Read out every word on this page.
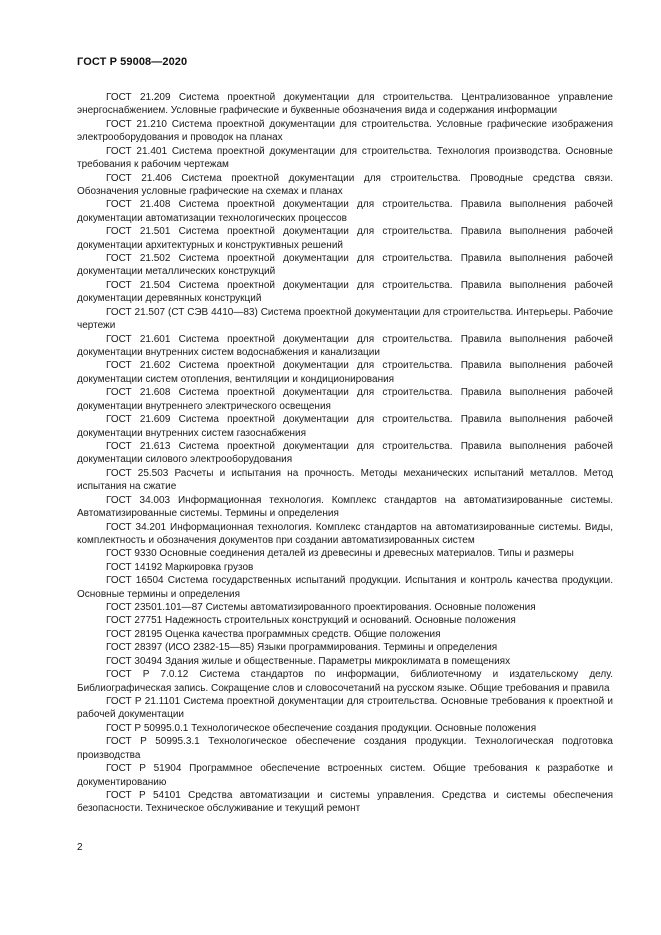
ГОСТ Р 59008—2020

ГОСТ 21.209 Система проектной документации для строительства. Централизованное управление энергоснабжением. Условные графические и буквенные обозначения вида и содержания информации

ГОСТ 21.210 Система проектной документации для строительства. Условные графические изображения электрооборудования и проводок на планах

ГОСТ 21.401 Система проектной документации для строительства. Технология производства. Основные требования к рабочим чертежам

ГОСТ 21.406 Система проектной документации для строительства. Проводные средства связи. Обозначения условные графические на схемах и планах

ГОСТ 21.408 Система проектной документации для строительства. Правила выполнения рабочей документации автоматизации технологических процессов

ГОСТ 21.501 Система проектной документации для строительства. Правила выполнения рабочей документации архитектурных и конструктивных решений

ГОСТ 21.502 Система проектной документации для строительства. Правила выполнения рабочей документации металлических конструкций

ГОСТ 21.504 Система проектной документации для строительства. Правила выполнения рабочей документации деревянных конструкций

ГОСТ 21.507 (СТ СЭВ 4410—83) Система проектной документации для строительства. Интерьеры. Рабочие чертежи

ГОСТ 21.601 Система проектной документации для строительства. Правила выполнения рабочей документации внутренних систем водоснабжения и канализации

ГОСТ 21.602 Система проектной документации для строительства. Правила выполнения рабочей документации систем отопления, вентиляции и кондиционирования

ГОСТ 21.608 Система проектной документации для строительства. Правила выполнения рабочей документации внутреннего электрического освещения

ГОСТ 21.609 Система проектной документации для строительства. Правила выполнения рабочей документации внутренних систем газоснабжения

ГОСТ 21.613 Система проектной документации для строительства. Правила выполнения рабочей документации силового электрооборудования

ГОСТ 25.503 Расчеты и испытания на прочность. Методы механических испытаний металлов. Метод испытания на сжатие

ГОСТ 34.003 Информационная технология. Комплекс стандартов на автоматизированные системы. Автоматизированные системы. Термины и определения

ГОСТ 34.201 Информационная технология. Комплекс стандартов на автоматизированные системы. Виды, комплектность и обозначения документов при создании автоматизированных систем

ГОСТ 9330 Основные соединения деталей из древесины и древесных материалов. Типы и размеры

ГОСТ 14192 Маркировка грузов

ГОСТ 16504 Система государственных испытаний продукции. Испытания и контроль качества продукции. Основные термины и определения

ГОСТ 23501.101—87 Системы автоматизированного проектирования. Основные положения

ГОСТ 27751 Надежность строительных конструкций и оснований. Основные положения

ГОСТ 28195 Оценка качества программных средств. Общие положения

ГОСТ 28397 (ИСО 2382-15—85) Языки программирования. Термины и определения

ГОСТ 30494 Здания жилые и общественные. Параметры микроклимата в помещениях

ГОСТ Р 7.0.12 Система стандартов по информации, библиотечному и издательскому делу. Библиографическая запись. Сокращение слов и словосочетаний на русском языке. Общие требования и правила

ГОСТ Р 21.1101 Система проектной документации для строительства. Основные требования к проектной и рабочей документации

ГОСТ Р 50995.0.1 Технологическое обеспечение создания продукции. Основные положения

ГОСТ Р 50995.3.1 Технологическое обеспечение создания продукции. Технологическая подготовка производства

ГОСТ Р 51904 Программное обеспечение встроенных систем. Общие требования к разработке и документированию

ГОСТ Р 54101 Средства автоматизации и системы управления. Средства и системы обеспечения безопасности. Техническое обслуживание и текущий ремонт

2
